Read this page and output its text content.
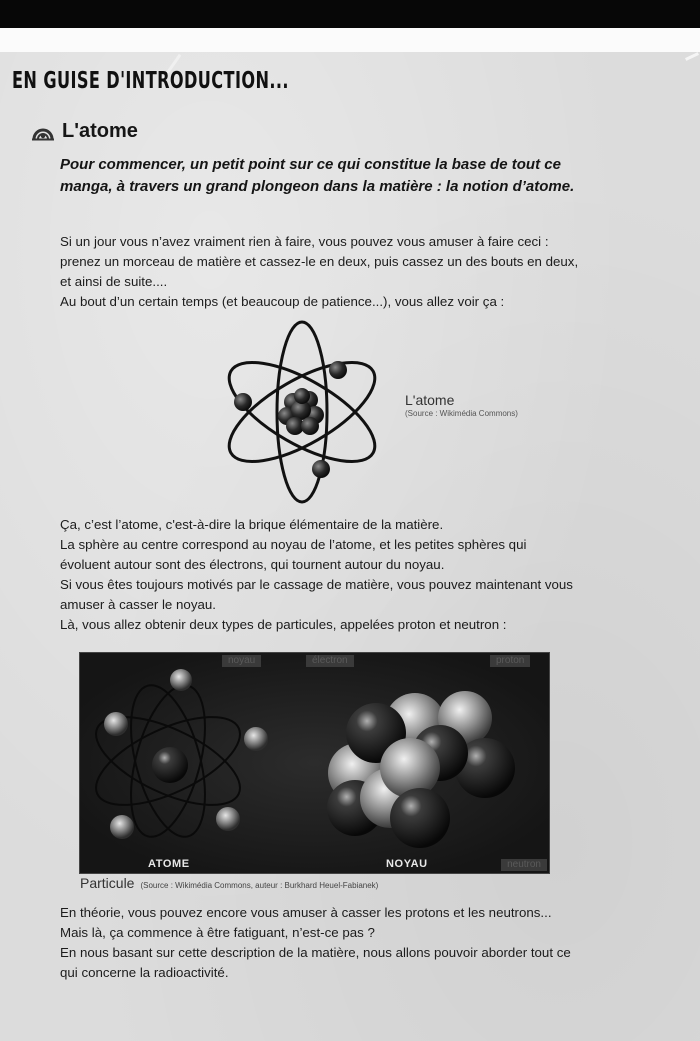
EN GUISE D'INTRODUCTION...
L'atome
Pour commencer, un petit point sur ce qui constitue la base de tout ce manga, à travers un grand plongeon dans la matière : la notion d’atome.

Si un jour vous n’avez vraiment rien à faire, vous pouvez vous amuser à faire ceci : prenez un morceau de matière et cassez-le en deux, puis cassez un des bouts en deux, et ainsi de suite....

Au bout d’un certain temps (et beaucoup de patience...), vous allez voir ça :

L'atome
(Source : Wikimédia Commons)

Ça, c’est l’atome, c'est-à-dire la brique élémentaire de la matière.

La sphère au centre correspond au noyau de l’atome, et les petites sphères qui évoluent autour sont des électrons, qui tournent autour du noyau.

Si vous êtes toujours motivés par le cassage de matière, vous pouvez maintenant vous amuser à casser le noyau.

Là, vous allez obtenir deux types de particules, appelées proton et neutron :

noyau	électron	proton
neutron
ATOME	NOYAU
Particule (Source : Wikimédia Commons, auteur : Burkhard Heuel-Fabianek)

En théorie, vous pouvez encore vous amuser à casser les protons et les neutrons... Mais là, ça commence à être fatiguant, n’est-ce pas ?

En nous basant sur cette description de la matière, nous allons pouvoir aborder tout ce qui concerne la radioactivité.
